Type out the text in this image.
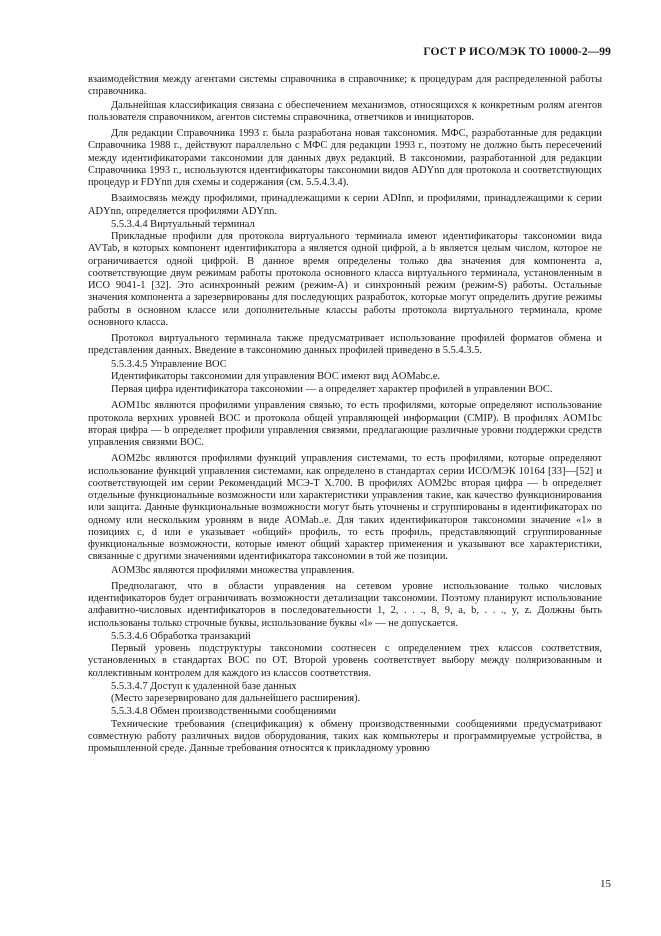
ГОСТ Р ИСО/МЭК ТО 10000-2—99

взаимодействия между агентами системы справочника в справочнике; к процедурам для распределенной работы справочника.

Дальнейшая классификация связана с обеспечением механизмов, относящихся к конкретным ролям агентов пользователя справочником, агентов системы справочника, ответчиков и инициаторов.

Для редакции Справочника 1993 г. была разработана новая таксономия. МФС, разработанные для редакции Справочника 1988 г., действуют параллельно с МФС для редакции 1993 г., поэтому не должно быть пересечений между идентификаторами таксономии для данных двух редакций. В таксономии, разработанной для редакции Справочника 1993 г., используются идентификаторы таксономии видов ADYnn для протокола и соответствующих процедур и FDYnn для схемы и содержания (см. 5.5.4.3.4).

Взаимосвязь между профилями, принадлежащими к серии ADInn, и профилями, принадлежащими к серии ADYnn, определяется профилями ADYnn.

5.5.3.4.4 Виртуальный терминал

Прикладные профили для протокола виртуального терминала имеют идентификаторы таксономии вида AVTab, в которых компонент идентификатора a является одной цифрой, а b является целым числом, которое не ограничивается одной цифрой. В данное время определены только два значения для компонента a, соответствующие двум режимам работы протокола основного класса виртуального терминала, установленным в ИСО 9041-1 [32]. Это асинхронный режим (режим-A) и синхронный режим (режим-S) работы. Остальные значения компонента a зарезервированы для последующих разработок, которые могут определить другие режимы работы в основном классе или дополнительные классы работы протокола виртуального терминала, кроме основного класса.

Протокол виртуального терминала также предусматривает использование профилей форматов обмена и представления данных. Введение в таксономию данных профилей приведено в 5.5.4.3.5.

5.5.3.4.5 Управление ВОС

Идентификаторы таксономии для управления ВОС имеют вид AOMabc.e.

Первая цифра идентификатора таксономии — a определяет характер профилей в управлении ВОС.

AOM1bc являются профилями управления связью, то есть профилями, которые определяют использование протокола верхних уровней ВОС и протокола общей управляющей информации (CMIP). В профилях AOM1bc вторая цифра — b определяет профили управления связями, предлагающие различные уровни поддержки средств управления связями ВОС.

AOM2bc являются профилями функций управления системами, то есть профилями, которые определяют использование функций управления системами, как определено в стандартах серии ИСО/МЭК 10164 [33]—[52] и соответствующей им серии Рекомендаций МСЭ-Т X.700. В профилях AOM2bc вторая цифра — b определяет отдельные функциональные возможности или характеристики управления такие, как качество функционирования или защита. Данные функциональные возможности могут быть уточнены и сгруппированы в идентификаторах по одному или нескольким уровням в виде AOMab..e. Для таких идентификаторов таксономии значение «1» в позициях c, d или e указывает «общий» профиль, то есть профиль, представляющий сгруппированные функциональные возможности, которые имеют общий характер применения и указывают все характеристики, связанные с другими значениями идентификатора таксономии в той же позиции.

AOM3bc являются профилями множества управления.

Предполагают, что в области управления на сетевом уровне использование только числовых идентификаторов будет ограничивать возможности детализации таксономии. Поэтому планируют использование алфавитно-числовых идентификаторов в последовательности 1, 2, . . ., 8, 9, a, b, . . ., y, z. Должны быть использованы только строчные буквы, использование буквы «l» — не допускается.

5.5.3.4.6 Обработка транзакций

Первый уровень подструктуры таксономии соотнесен с определением трех классов соответствия, установленных в стандартах ВОС по ОТ. Второй уровень соответствует выбору между поляризованным и коллективным контролем для каждого из классов соответствия.

5.5.3.4.7 Доступ к удаленной базе данных

(Место зарезервировано для дальнейшего расширения).

5.5.3.4.8 Обмен производственными сообщениями

Технические требования (спецификация) к обмену производственными сообщениями предусматривают совместную работу различных видов оборудования, таких как компьютеры и программируемые устройства, в промышленной среде. Данные требования относятся к прикладному уровню

15
